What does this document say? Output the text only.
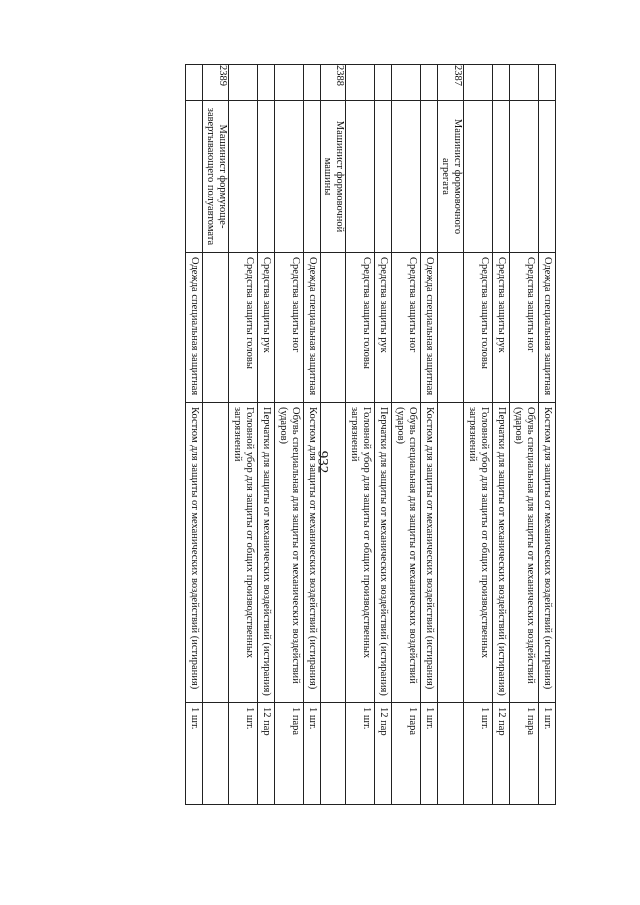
932
		Одежда специальная защитная	Костюм для защиты от механических воздействий (истирания)	1 шт.
		Средства защиты ног	Обувь специальная для защиты от механических воздействий (ударов)	1 пара
		Средства защиты рук	Перчатки для защиты от механических воздействий (истирания)	12 пар
		Средства защиты головы	Головной убор для защиты от общих производственных загрязнений	1 шт.
2387	Машинист формовочного агрегата			
		Одежда специальная защитная	Костюм для защиты от механических воздействий (истирания)	1 шт.
		Средства защиты ног	Обувь специальная для защиты от механических воздействий (ударов)	1 пара
		Средства защиты рук	Перчатки для защиты от механических воздействий (истирания)	12 пар
		Средства защиты головы	Головной убор для защиты от общих производственных загрязнений	1 шт.
2388	Машинист формовочной машины			
		Одежда специальная защитная	Костюм для защиты от механических воздействий (истирания)	1 шт.
		Средства защиты ног	Обувь специальная для защиты от механических воздействий (ударов)	1 пара
		Средства защиты рук	Перчатки для защиты от механических воздействий (истирания)	12 пар
		Средства защиты головы	Головной убор для защиты от общих производственных загрязнений	1 шт.
2389	Машинист формующе-завертывающего полуавтомата			
		Одежда специальная защитная	Костюм для защиты от механических воздействий (истирания)	1 шт.
